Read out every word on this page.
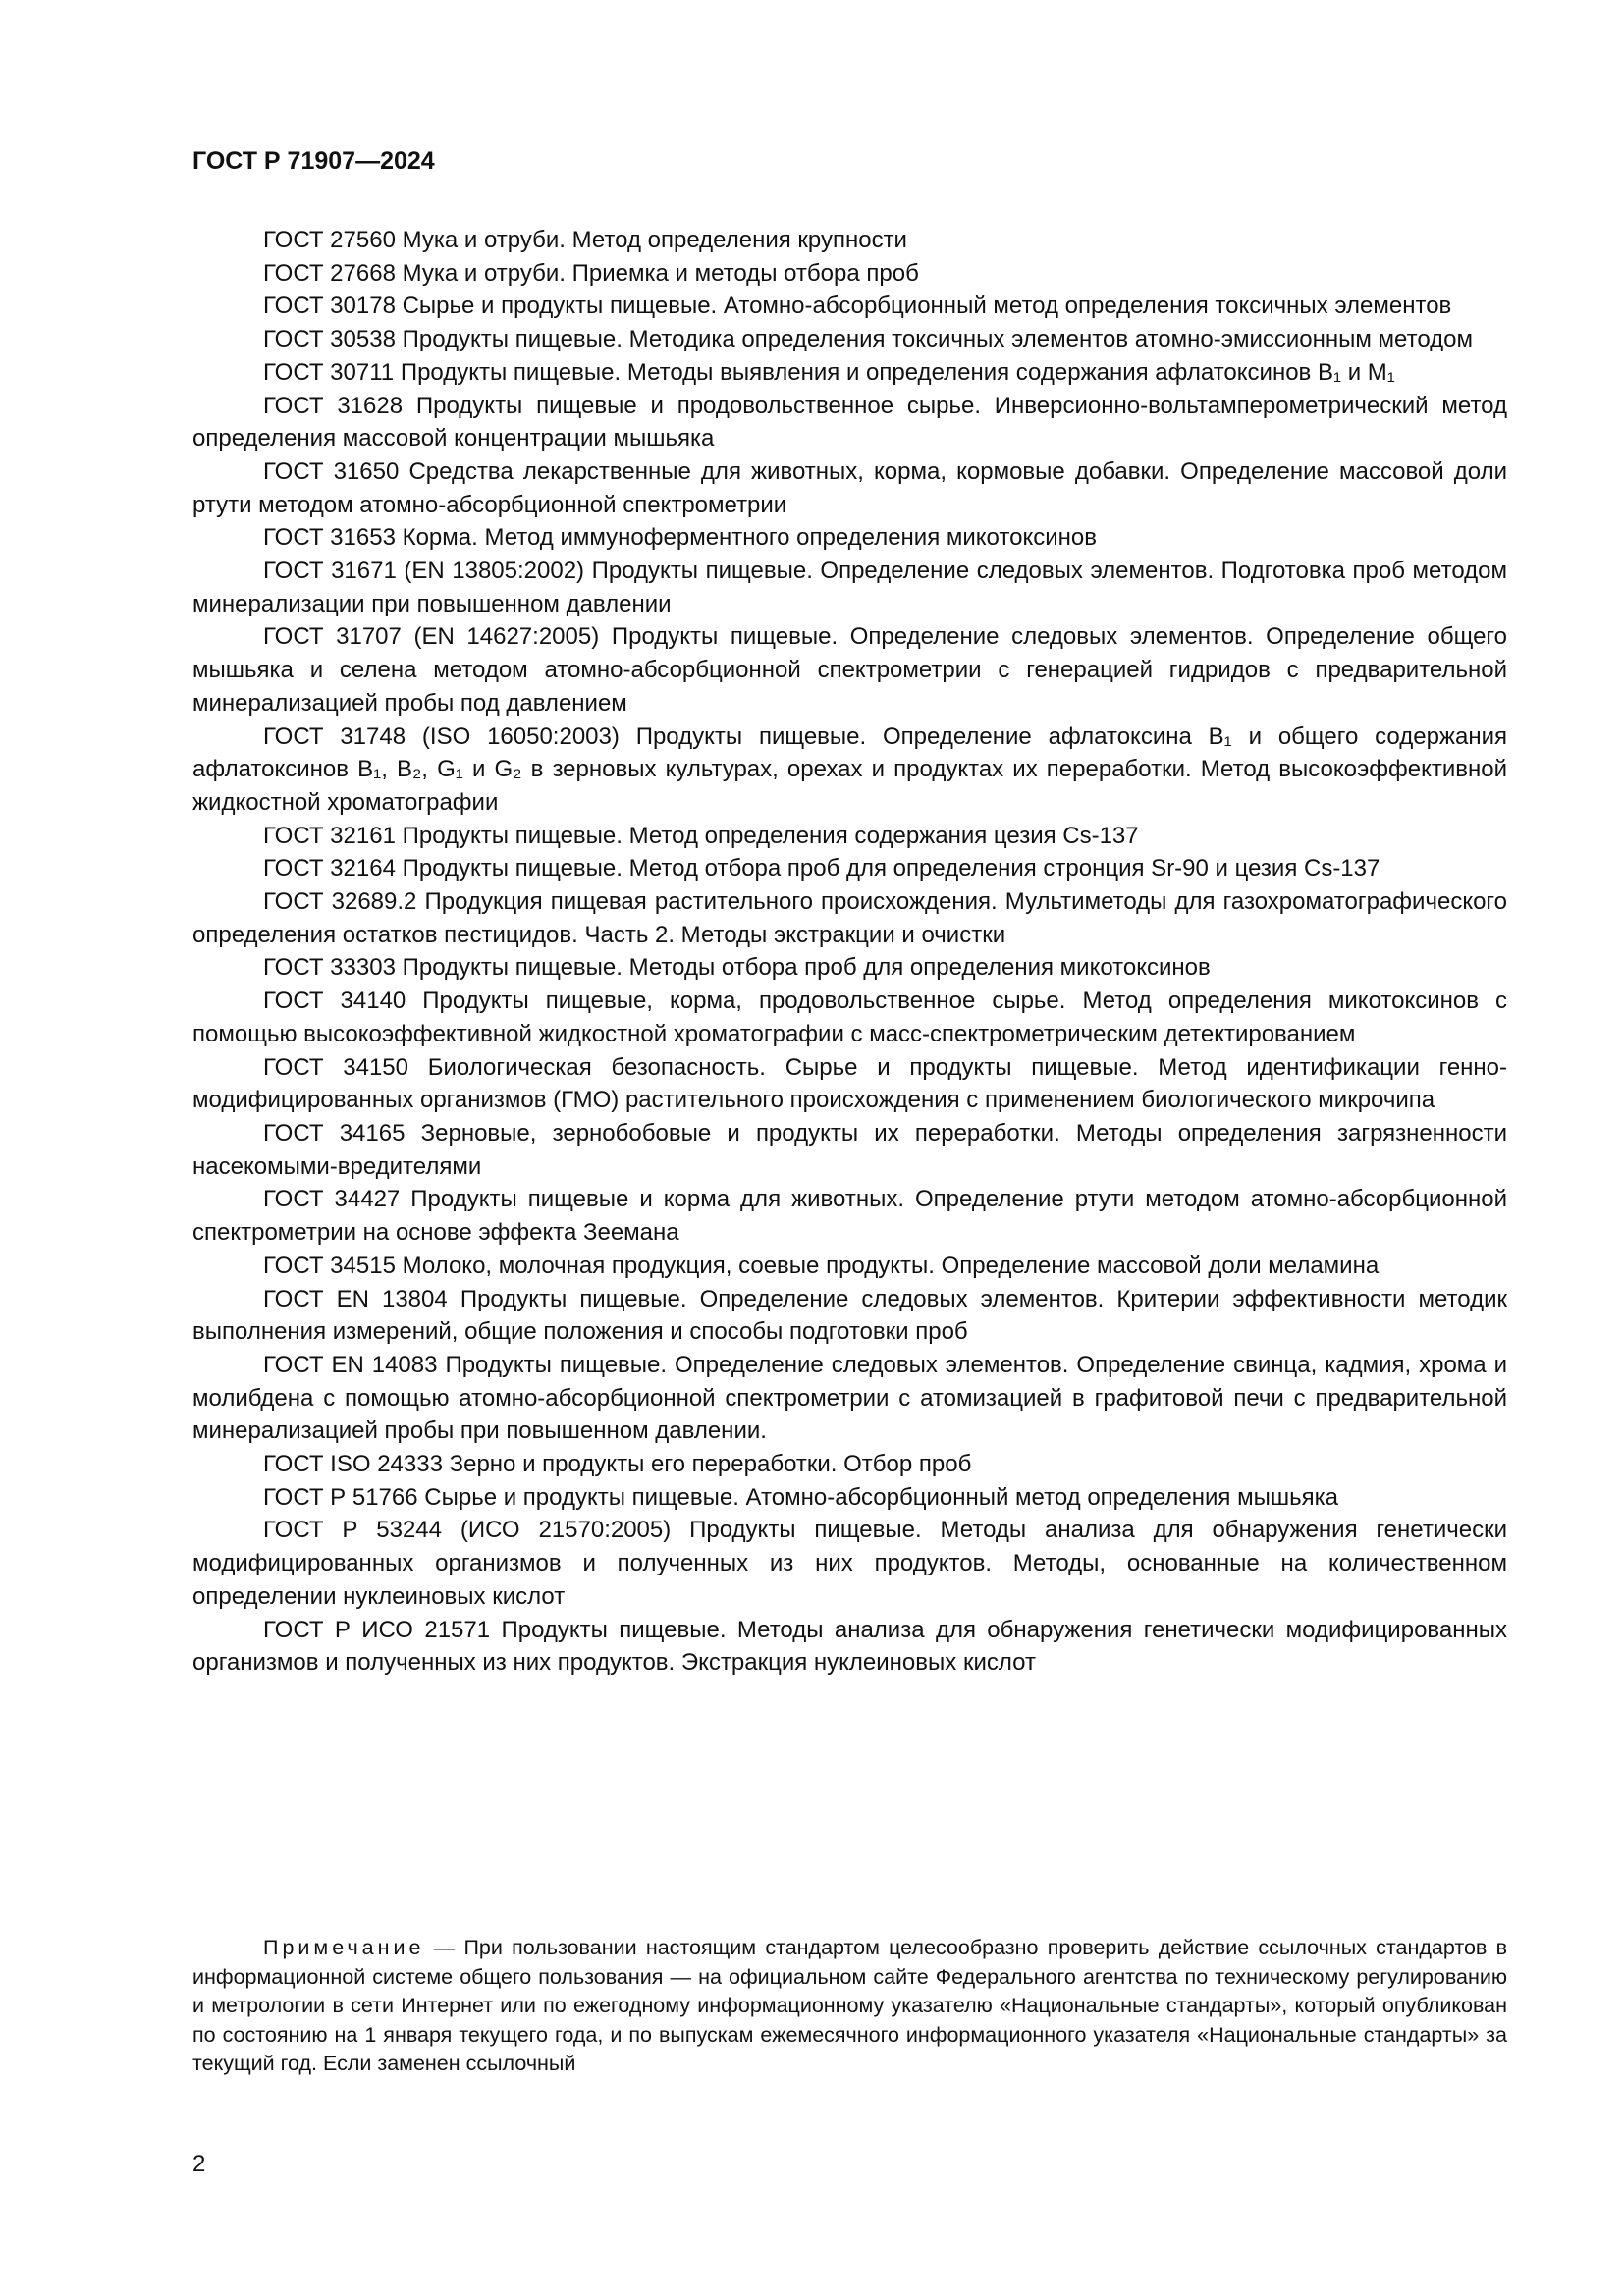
ГОСТ Р 71907—2024

ГОСТ 27560 Мука и отруби. Метод определения крупности

ГОСТ 27668 Мука и отруби. Приемка и методы отбора проб

ГОСТ 30178 Сырье и продукты пищевые. Атомно-абсорбционный метод определения токсичных элементов

ГОСТ 30538 Продукты пищевые. Методика определения токсичных элементов атомно-эмиссионным методом

ГОСТ 30711 Продукты пищевые. Методы выявления и определения содержания афлатоксинов B₁ и M₁

ГОСТ 31628 Продукты пищевые и продовольственное сырье. Инверсионно-вольтамперометрический метод определения массовой концентрации мышьяка

ГОСТ 31650 Средства лекарственные для животных, корма, кормовые добавки. Определение массовой доли ртути методом атомно-абсорбционной спектрометрии

ГОСТ 31653 Корма. Метод иммуноферментного определения микотоксинов

ГОСТ 31671 (EN 13805:2002) Продукты пищевые. Определение следовых элементов. Подготовка проб методом минерализации при повышенном давлении

ГОСТ 31707 (EN 14627:2005) Продукты пищевые. Определение следовых элементов. Определение общего мышьяка и селена методом атомно-абсорбционной спектрометрии с генерацией гидридов с предварительной минерализацией пробы под давлением

ГОСТ 31748 (ISO 16050:2003) Продукты пищевые. Определение афлатоксина B₁ и общего содержания афлатоксинов B₁, B₂, G₁ и G₂ в зерновых культурах, орехах и продуктах их переработки. Метод высокоэффективной жидкостной хроматографии

ГОСТ 32161 Продукты пищевые. Метод определения содержания цезия Cs-137

ГОСТ 32164 Продукты пищевые. Метод отбора проб для определения стронция Sr-90 и цезия Cs-137

ГОСТ 32689.2 Продукция пищевая растительного происхождения. Мультиметоды для газохроматографического определения остатков пестицидов. Часть 2. Методы экстракции и очистки

ГОСТ 33303 Продукты пищевые. Методы отбора проб для определения микотоксинов

ГОСТ 34140 Продукты пищевые, корма, продовольственное сырье. Метод определения микотоксинов с помощью высокоэффективной жидкостной хроматографии с масс-спектрометрическим детектированием

ГОСТ 34150 Биологическая безопасность. Сырье и продукты пищевые. Метод идентификации генно-модифицированных организмов (ГМО) растительного происхождения с применением биологического микрочипа

ГОСТ 34165 Зерновые, зернобобовые и продукты их переработки. Методы определения загрязненности насекомыми-вредителями

ГОСТ 34427 Продукты пищевые и корма для животных. Определение ртути методом атомно-абсорбционной спектрометрии на основе эффекта Зеемана

ГОСТ 34515 Молоко, молочная продукция, соевые продукты. Определение массовой доли меламина

ГОСТ EN 13804 Продукты пищевые. Определение следовых элементов. Критерии эффективности методик выполнения измерений, общие положения и способы подготовки проб

ГОСТ EN 14083 Продукты пищевые. Определение следовых элементов. Определение свинца, кадмия, хрома и молибдена с помощью атомно-абсорбционной спектрометрии с атомизацией в графитовой печи с предварительной минерализацией пробы при повышенном давлении.

ГОСТ ISO 24333 Зерно и продукты его переработки. Отбор проб

ГОСТ Р 51766 Сырье и продукты пищевые. Атомно-абсорбционный метод определения мышьяка

ГОСТ Р 53244 (ИСО 21570:2005) Продукты пищевые. Методы анализа для обнаружения генетически модифицированных организмов и полученных из них продуктов. Методы, основанные на количественном определении нуклеиновых кислот

ГОСТ Р ИСО 21571 Продукты пищевые. Методы анализа для обнаружения генетически модифицированных организмов и полученных из них продуктов. Экстракция нуклеиновых кислот

Примечание — При пользовании настоящим стандартом целесообразно проверить действие ссылочных стандартов в информационной системе общего пользования — на официальном сайте Федерального агентства по техническому регулированию и метрологии в сети Интернет или по ежегодному информационному указателю «Национальные стандарты», который опубликован по состоянию на 1 января текущего года, и по выпускам ежемесячного информационного указателя «Национальные стандарты» за текущий год. Если заменен ссылочный

2
